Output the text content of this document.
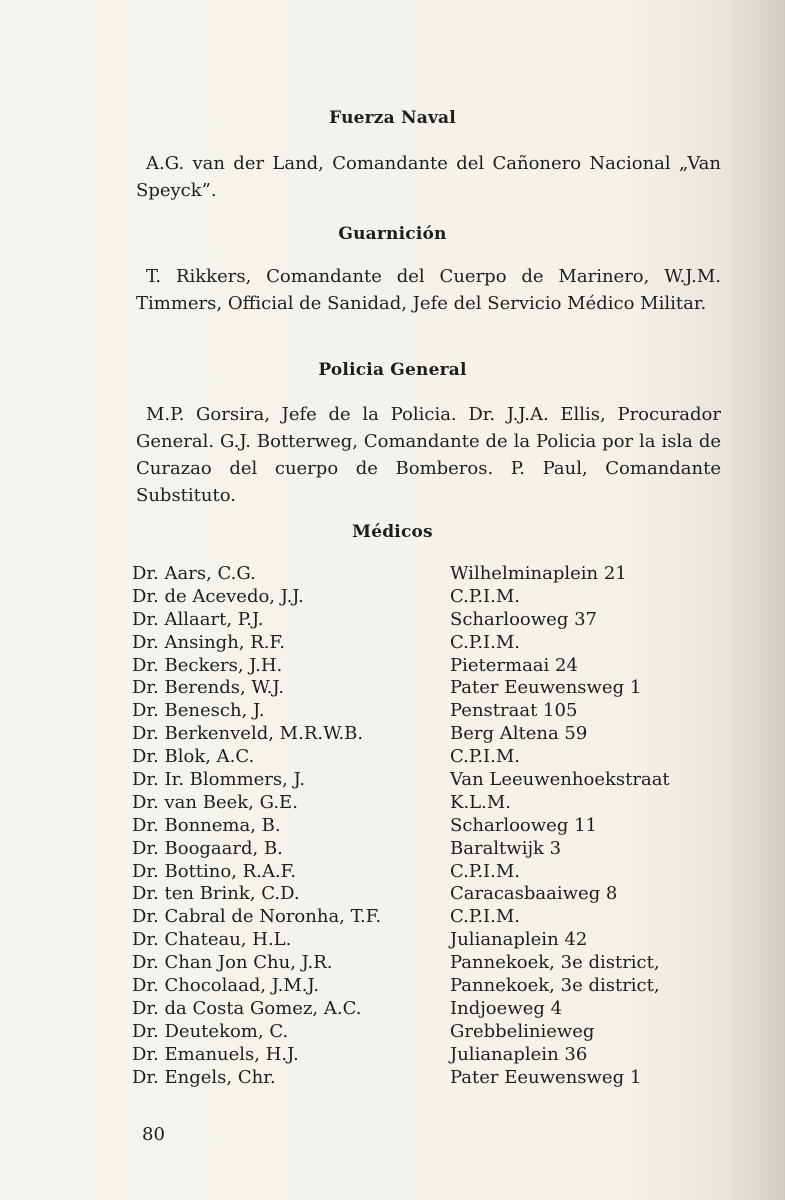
Fuerza Naval

A.G. van der Land, Comandante del Cañonero Nacional „Van Speyck”.

Guarnición

T. Rikkers, Comandante del Cuerpo de Marinero, W.J.M. Timmers, Official de Sanidad, Jefe del Servicio Médico Militar.

Policia General

M.P. Gorsira, Jefe de la Policia. Dr. J.J.A. Ellis, Procurador General. G.J. Botterweg, Comandante de la Policia por la isla de Curazao del cuerpo de Bomberos. P. Paul, Comandante Substituto.

Médicos
Dr. Aars, C.G.	Wilhelminaplein 21
Dr. de Acevedo, J.J.	C.P.I.M.
Dr. Allaart, P.J.	Scharlooweg 37
Dr. Ansingh, R.F.	C.P.I.M.
Dr. Beckers, J.H.	Pietermaai 24
Dr. Berends, W.J.	Pater Eeuwensweg 1
Dr. Benesch, J.	Penstraat 105
Dr. Berkenveld, M.R.W.B.	Berg Altena 59
Dr. Blok, A.C.	C.P.I.M.
Dr. Ir. Blommers, J.	Van Leeuwenhoekstraat
Dr. van Beek, G.E.	K.L.M.
Dr. Bonnema, B.	Scharlooweg 11
Dr. Boogaard, B.	Baraltwijk 3
Dr. Bottino, R.A.F.	C.P.I.M.
Dr. ten Brink, C.D.	Caracasbaaiweg 8
Dr. Cabral de Noronha, T.F.	C.P.I.M.
Dr. Chateau, H.L.	Julianaplein 42
Dr. Chan Jon Chu, J.R.	Pannekoek, 3e district,
Dr. Chocolaad, J.M.J.	Pannekoek, 3e district,
Dr. da Costa Gomez, A.C.	Indjoeweg 4
Dr. Deutekom, C.	Grebbelinieweg
Dr. Emanuels, H.J.	Julianaplein 36
Dr. Engels, Chr.	Pater Eeuwensweg 1
80
